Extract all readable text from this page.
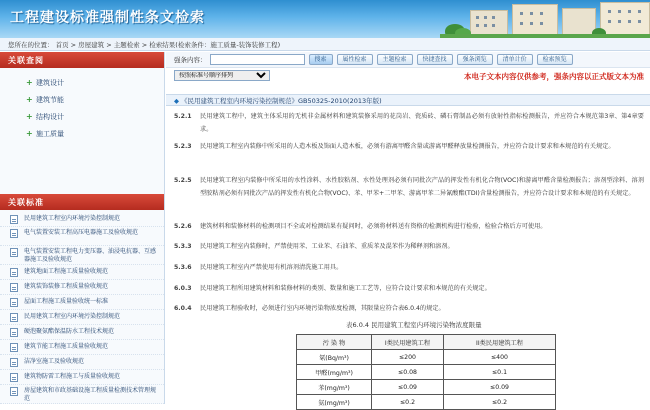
工程建设标准强制性条文检索
您所在的位置： 首页 > 房屋建筑 > 主题检索 > 检索结果(检索条件：施工质量-装饰装修工程)
关联查阅
+ 建筑设计
+ 建筑节能
+ 结构设计
+ 施工质量
关联标准
民用建筑工程室内环境污染控制规范
电气装置安装工程高压电器施工及验收规范
电气装置安装工程电力变压器、油浸电抗器、互感器施工及验收规范
建筑地面工程施工质量验收规范
建筑装饰装修工程质量验收规范
屋面工程施工质量验收统一标准
民用建筑工程室内环境污染控制规范
硬泡聚氨酯保温防水工程技术规范
建筑节能工程施工质量验收规范
洁净室施工及验收规范
建筑物防雷工程施工与质量验收规范
房屋建筑和市政基础设施工程质量检测技术管理规范
强条内容：	搜索	属性检索	主题检索	快捷查找	强条浏览	清单计价	检索预览
按照标准号顺序排列
本电子文本内容仅供参考，强条内容以正式版文本为准
◆ 《民用建筑工程室内环境污染控制规范》GB50325-2010(2013年版)
5.2.1 民用建筑工程中，建筑主体采用的无机非金属材料和建筑装修采用的花岗岩、瓷质砖、磷石膏制品必须有放射性指标检测报告，并应符合本规范第3章、第4章要求。
5.2.3 民用建筑工程室内装修中所采用的人造木板及饰面人造木板，必须有游离甲醛含量或游离甲醛释放量检测报告，并应符合设计要求和本规范的有关规定。
5.2.5 民用建筑工程室内装修中所采用的水性涂料、水性胶粘剂、水性处理剂必须有同批次产品的挥发性有机化合物(VOC)和游离甲醛含量检测报告；溶剂型涂料、溶剂型胶粘剂必须有同批次产品的挥发性有机化合物(VOC)、苯、甲苯+二甲苯、游离甲苯二异氰酸酯(TDI)含量检测报告，并应符合设计要求和本规范的有关规定。
5.2.6 建筑材料和装修材料的检测项目不全或对检测结果有疑问时，必须将材料送有资格的检测机构进行检验，检验合格后方可使用。
5.3.3 民用建筑工程室内装修时，严禁使用苯、工业苯、石油苯、重质苯及混苯作为稀释剂和溶剂。
5.3.6 民用建筑工程室内严禁使用有机溶剂清洗施工用具。
6.0.3 民用建筑工程所用建筑材料和装修材料的类别、数量和施工工艺等，应符合设计要求和本规范的有关规定。
6.0.4 民用建筑工程验收时，必须进行室内环境污染物浓度检测，其限量应符合表6.0.4的规定。
表6.0.4 民用建筑工程室内环境污染物浓度限量
污 染 物	I类民用建筑工程	II类民用建筑工程
氡(Bq/m³)	≤200	≤400
甲醛(mg/m³)	≤0.08	≤0.1
苯(mg/m³)	≤0.09	≤0.09
氨(mg/m³)	≤0.2	≤0.2
